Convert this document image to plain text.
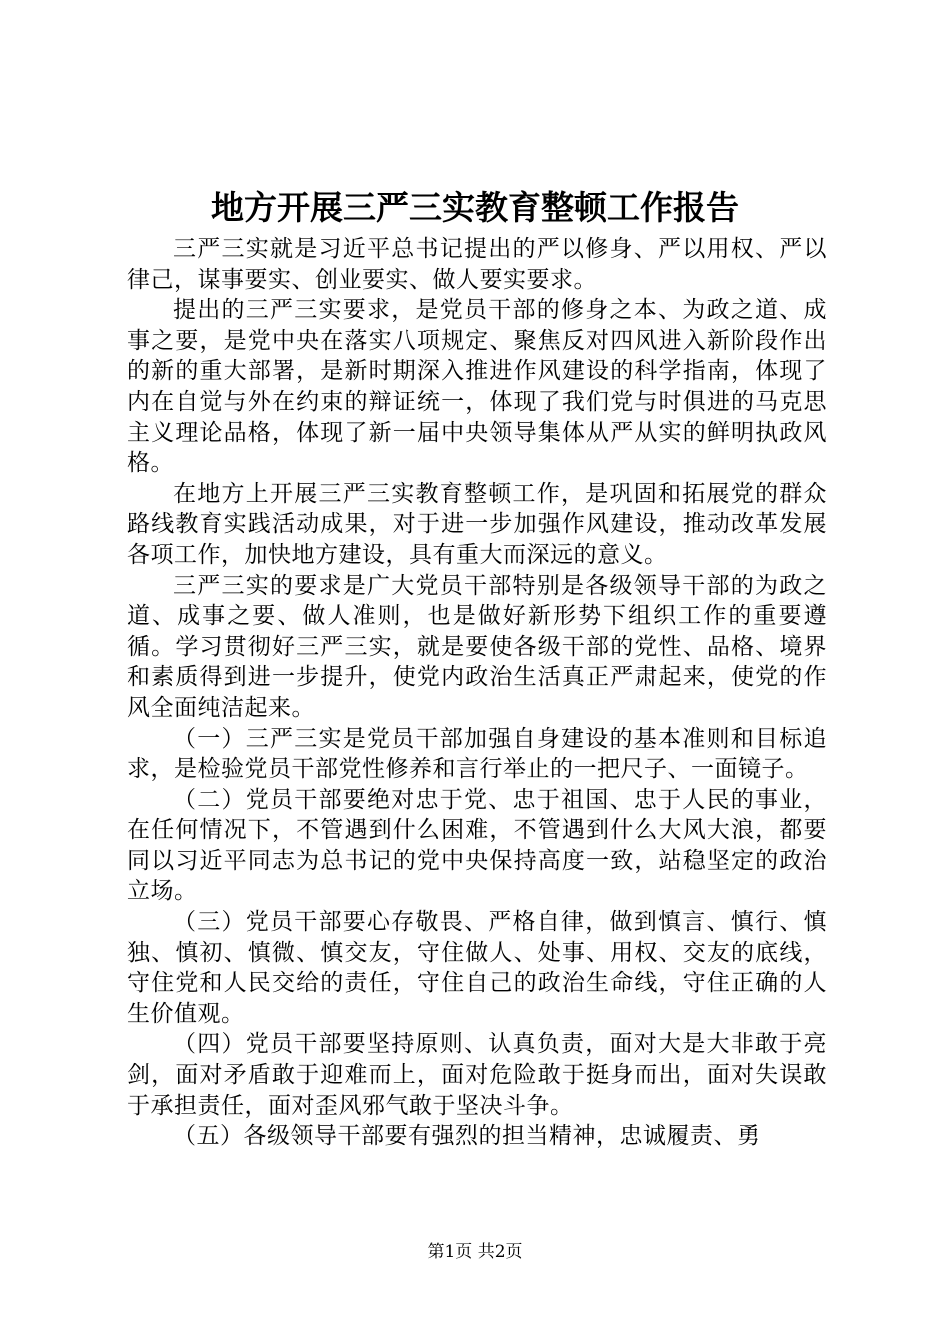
地方开展三严三实教育整顿工作报告

三严三实就是习近平总书记提出的严以修身、严以用权、严以律己，谋事要实、创业要实、做人要实要求。

提出的三严三实要求，是党员干部的修身之本、为政之道、成事之要，是党中央在落实八项规定、聚焦反对四风进入新阶段作出的新的重大部署，是新时期深入推进作风建设的科学指南，体现了内在自觉与外在约束的辩证统一，体现了我们党与时俱进的马克思主义理论品格，体现了新一届中央领导集体从严从实的鲜明执政风格。

在地方上开展三严三实教育整顿工作，是巩固和拓展党的群众路线教育实践活动成果，对于进一步加强作风建设，推动改革发展各项工作，加快地方建设，具有重大而深远的意义。

三严三实的要求是广大党员干部特别是各级领导干部的为政之道、成事之要、做人准则，也是做好新形势下组织工作的重要遵循。学习贯彻好三严三实，就是要使各级干部的党性、品格、境界和素质得到进一步提升，使党内政治生活真正严肃起来，使党的作风全面纯洁起来。

（一）三严三实是党员干部加强自身建设的基本准则和目标追求，是检验党员干部党性修养和言行举止的一把尺子、一面镜子。

（二）党员干部要绝对忠于党、忠于祖国、忠于人民的事业，在任何情况下，不管遇到什么困难，不管遇到什么大风大浪，都要同以习近平同志为总书记的党中央保持高度一致，站稳坚定的政治立场。

（三）党员干部要心存敬畏、严格自律，做到慎言、慎行、慎独、慎初、慎微、慎交友，守住做人、处事、用权、交友的底线，守住党和人民交给的责任，守住自己的政治生命线，守住正确的人生价值观。

（四）党员干部要坚持原则、认真负责，面对大是大非敢于亮剑，面对矛盾敢于迎难而上，面对危险敢于挺身而出，面对失误敢于承担责任，面对歪风邪气敢于坚决斗争。

（五）各级领导干部要有强烈的担当精神，忠诚履责、勇

第1页 共2页
